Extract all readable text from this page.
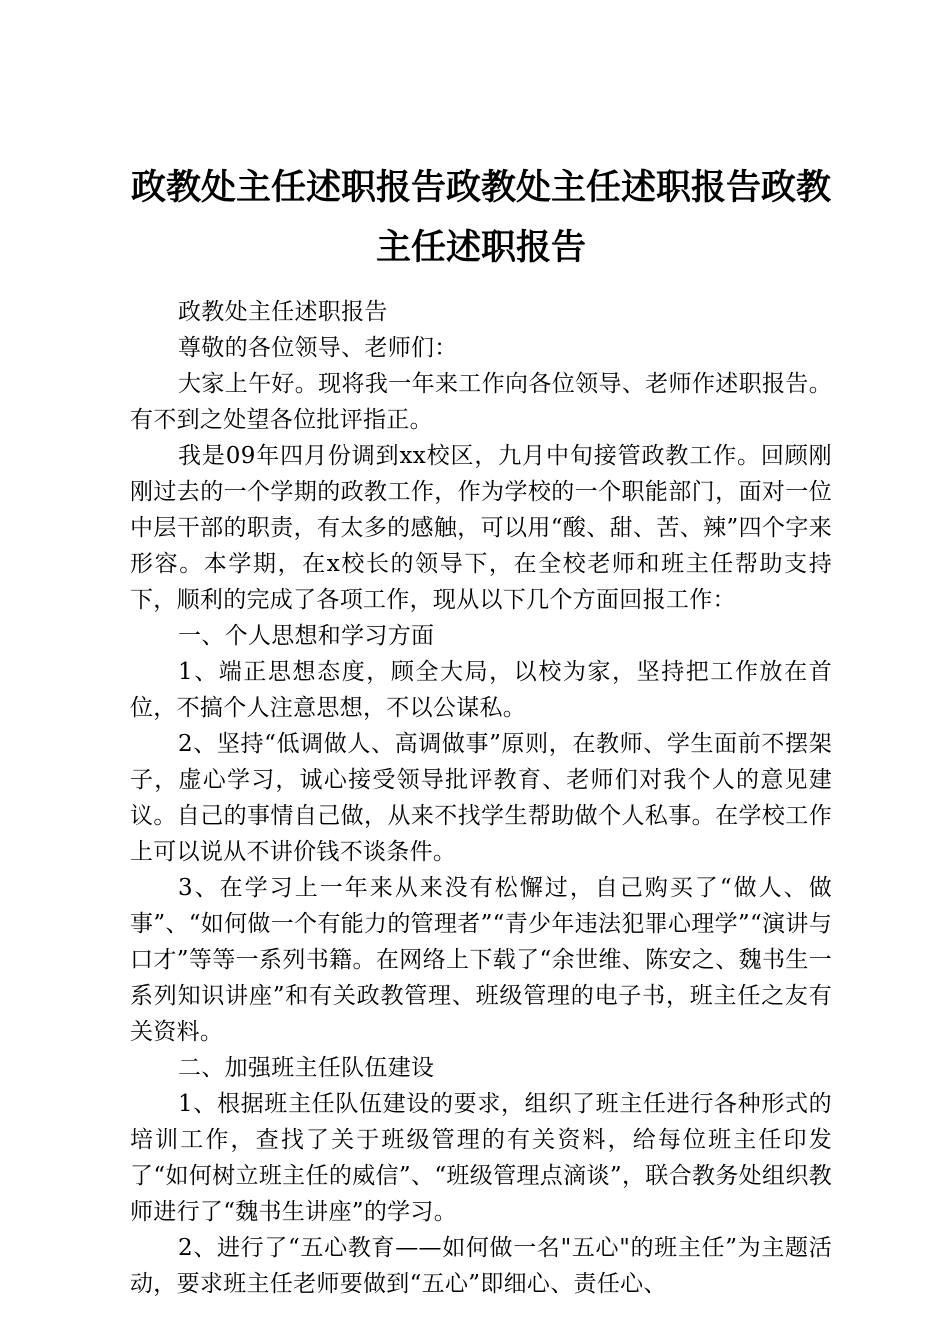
政教处主任述职报告政教处主任述职报告政教主任述职报告

政教处主任述职报告

尊敬的各位领导、老师们：

大家上午好。现将我一年来工作向各位领导、老师作述职报告。有不到之处望各位批评指正。

我是09年四月份调到xx校区，九月中旬接管政教工作。回顾刚刚过去的一个学期的政教工作，作为学校的一个职能部门，面对一位中层干部的职责，有太多的感触，可以用“酸、甜、苦、辣”四个字来形容。本学期，在x校长的领导下，在全校老师和班主任帮助支持下，顺利的完成了各项工作，现从以下几个方面回报工作：

一、个人思想和学习方面

1、端正思想态度，顾全大局，以校为家，坚持把工作放在首位，不搞个人注意思想，不以公谋私。

2、坚持“低调做人、高调做事”原则，在教师、学生面前不摆架子，虚心学习，诚心接受领导批评教育、老师们对我个人的意见建议。自己的事情自己做，从来不找学生帮助做个人私事。在学校工作上可以说从不讲价钱不谈条件。

3、在学习上一年来从来没有松懈过，自己购买了“做人、做事”、“如何做一个有能力的管理者”“青少年违法犯罪心理学”“演讲与口才”等等一系列书籍。在网络上下载了“余世维、陈安之、魏书生一系列知识讲座”和有关政教管理、班级管理的电子书，班主任之友有关资料。

二、加强班主任队伍建设

1、根据班主任队伍建设的要求，组织了班主任进行各种形式的培训工作，查找了关于班级管理的有关资料，给每位班主任印发了“如何树立班主任的威信”、“班级管理点滴谈”，联合教务处组织教师进行了“魏书生讲座”的学习。

2、进行了“五心教育——如何做一名"五心"的班主任”为主题活动，要求班主任老师要做到“五心”即细心、责任心、
